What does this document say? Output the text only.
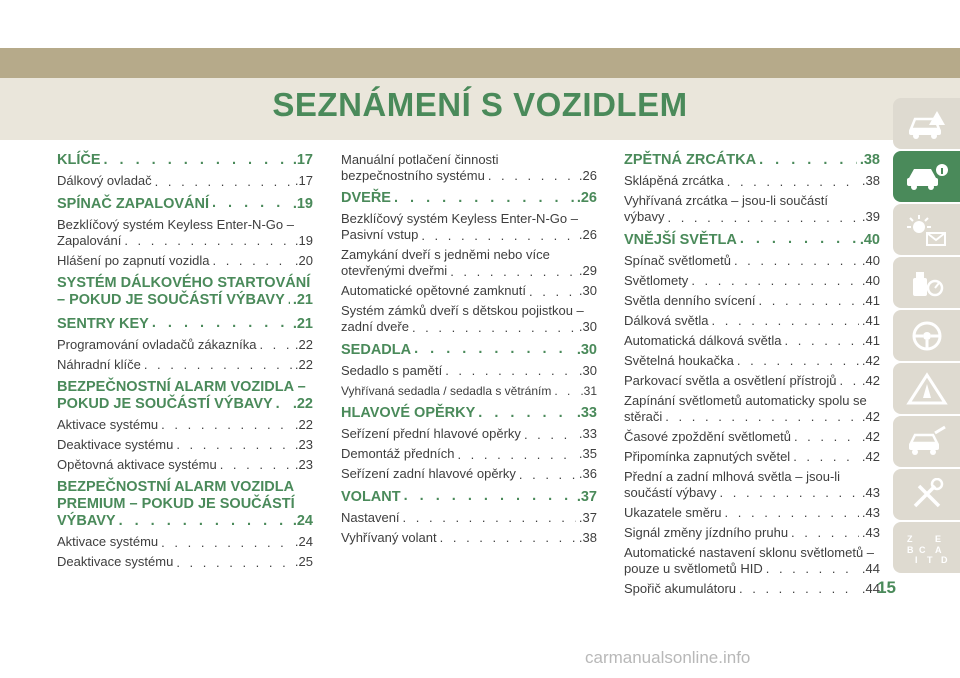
SEZNÁMENÍ S VOZIDLEM
KLÍČE . . .	.17
Dálkový ovladač . . .	.17
SPÍNAČ ZAPALOVÁNÍ . . .	.19
Bezklíčový systém Keyless Enter-N-Go –
Zapalování . . .	.19
Hlášení po zapnutí vozidla . . .	.20
SYSTÉM DÁLKOVÉHO STARTOVÁNÍ
– POKUD JE SOUČÁSTÍ VÝBAVY . . . .21
SENTRY KEY . . .	.21
Programování ovladačů zákazníka . . .	.22
Náhradní klíče . . .	.22
BEZPEČNOSTNÍ ALARM VOZIDLA –
POKUD JE SOUČÁSTÍ VÝBAVY . . . .22
Aktivace systému . . .	.22
Deaktivace systému . . .	.23
Opětovná aktivace systému . . .	.23
BEZPEČNOSTNÍ ALARM VOZIDLA
PREMIUM – POKUD JE SOUČÁSTÍ
VÝBAVY . . .	.24
Aktivace systému . . .	.24
Deaktivace systému . . .	.25
Manuální potlačení činnosti
bezpečnostního systému . . .	.26
DVEŘE . . .	.26
Bezklíčový systém Keyless Enter-N-Go –
Pasivní vstup . . .	.26
Zamykání dveří s jedněmi nebo více
otevřenými dveřmi . . .	.29
Automatické opětovné zamknutí . . .	.30
Systém zámků dveří s dětskou pojistkou –
zadní dveře . . .	.30
SEDADLA . . .	.30
Sedadlo s pamětí . . .	.30
Vyhřívaná sedadla / sedadla s větráním . . . .31
HLAVOVÉ OPĚRKY . . .	.33
Seřízení přední hlavové opěrky . . .	.33
Demontáž předních . . .	.35
Seřízení zadní hlavové opěrky . . .	.36
VOLANT . . .	.37
Nastavení . . .	.37
Vyhřívaný volant . . .	.38
ZPĚTNÁ ZRCÁTKA . . .	.38
Sklápěná zrcátka . . .	.38
Vyhřívaná zrcátka – jsou-li součástí
výbavy . . .	.39
VNĚJŠÍ SVĚTLA . . .	.40
Spínač světlometů . . .	.40
Světlomety . . .	.40
Světla denního svícení . . .	.41
Dálková světla . . .	.41
Automatická dálková světla . . .	.41
Světelná houkačka . . .	.42
Parkovací světla a osvětlení přístrojů . . . .42
Zapínání světlometů automaticky spolu se
stěrači . . .	.42
Časové zpoždění světlometů . . .	.42
Připomínka zapnutých světel . . .	.42
Přední a zadní mlhová světla – jsou-li
součástí výbavy . . .	.43
Ukazatele směru . . .	.43
Signál změny jízdního pruhu . . .	.43
Automatické nastavení sklonu světlometů –
pouze u světlometů HID . . .	.44
Spořič akumulátoru . . .	.44
Z	E
B C A
D
I T
15
carmanualsonline.info
